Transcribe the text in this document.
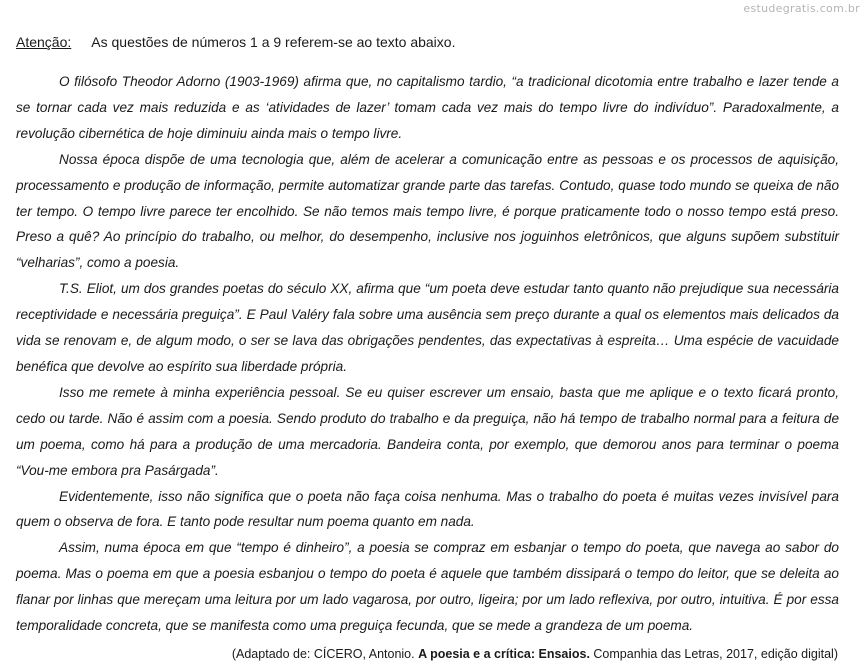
estudegratis.com.br
Atenção: As questões de números 1 a 9 referem-se ao texto abaixo.

O filósofo Theodor Adorno (1903-1969) afirma que, no capitalismo tardio, “a tradicional dicotomia entre trabalho e lazer tende a se tornar cada vez mais reduzida e as ‘atividades de lazer’ tomam cada vez mais do tempo livre do indivíduo”. Paradoxalmente, a revolução cibernética de hoje diminuiu ainda mais o tempo livre.

Nossa época dispõe de uma tecnologia que, além de acelerar a comunicação entre as pessoas e os processos de aquisição, processamento e produção de informação, permite automatizar grande parte das tarefas. Contudo, quase todo mundo se queixa de não ter tempo. O tempo livre parece ter encolhido. Se não temos mais tempo livre, é porque praticamente todo o nosso tempo está preso. Preso a quê? Ao princípio do trabalho, ou melhor, do desempenho, inclusive nos joguinhos eletrônicos, que alguns supõem substituir “velharias”, como a poesia.

T.S. Eliot, um dos grandes poetas do século XX, afirma que “um poeta deve estudar tanto quanto não prejudique sua necessária receptividade e necessária preguiça”. E Paul Valéry fala sobre uma ausência sem preço durante a qual os elementos mais delicados da vida se renovam e, de algum modo, o ser se lava das obrigações pendentes, das expectativas à espreita… Uma espécie de vacuidade benéfica que devolve ao espírito sua liberdade própria.

Isso me remete à minha experiência pessoal. Se eu quiser escrever um ensaio, basta que me aplique e o texto ficará pronto, cedo ou tarde. Não é assim com a poesia. Sendo produto do trabalho e da preguiça, não há tempo de trabalho normal para a feitura de um poema, como há para a produção de uma mercadoria. Bandeira conta, por exemplo, que demorou anos para terminar o poema “Vou-me embora pra Pasárgada”.

Evidentemente, isso não significa que o poeta não faça coisa nenhuma. Mas o trabalho do poeta é muitas vezes invisível para quem o observa de fora. E tanto pode resultar num poema quanto em nada.

Assim, numa época em que “tempo é dinheiro”, a poesia se compraz em esbanjar o tempo do poeta, que navega ao sabor do poema. Mas o poema em que a poesia esbanjou o tempo do poeta é aquele que também dissipará o tempo do leitor, que se deleita ao flanar por linhas que mereçam uma leitura por um lado vagarosa, por outro, ligeira; por um lado reflexiva, por outro, intuitiva. É por essa temporalidade concreta, que se manifesta como uma preguiça fecunda, que se mede a grandeza de um poema.

(Adaptado de: CÍCERO, Antonio. A poesia e a crítica: Ensaios. Companhia das Letras, 2017, edição digital)
